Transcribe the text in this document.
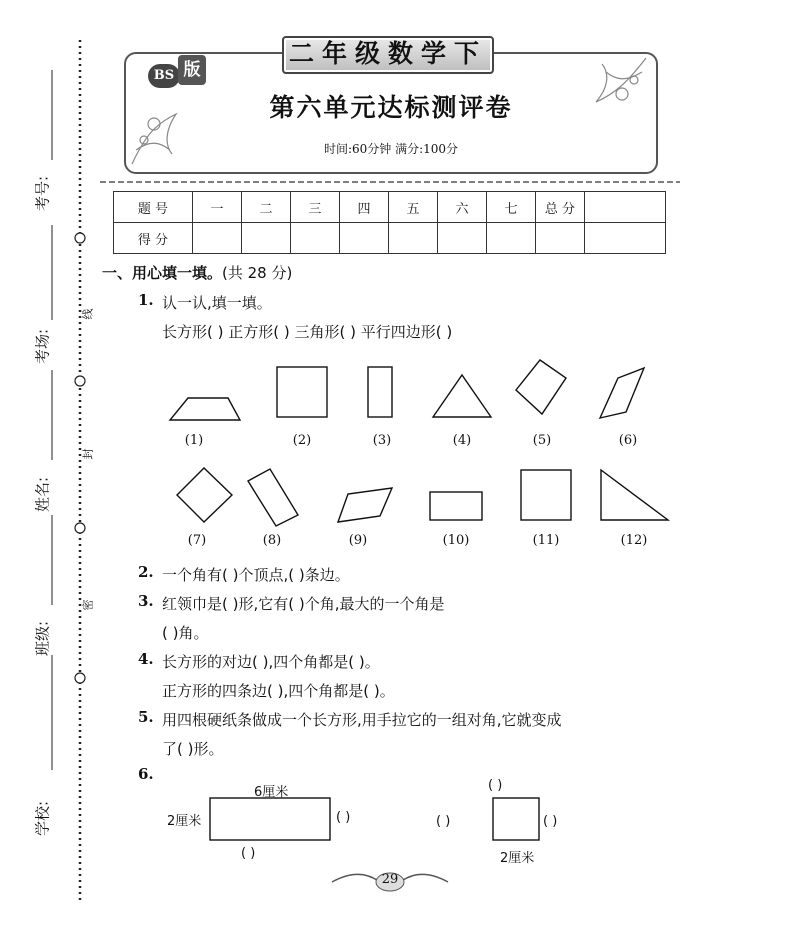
考号:
考场:
姓名:
班级:
学校:
线
封
密
二年级数学下
BS 版
第六单元达标测评卷
时间:60分钟 满分:100分
题 号	一	二	三	四	五	六	七	总 分	
得 分									
一、用心填一填。(共 28 分)
1. 认一认,填一填。
长方形( ) 正方形( ) 三角形( ) 平行四边形( )
(1)	(2)	(3)	(4)	(5)	(6)
(7)	(8)	(9)	(10)	(11)	(12)
2. 一个角有( )个顶点,( )条边。
3. 红领巾是( )形,它有( )个角,最大的一个角是
( )角。
4. 长方形的对边( ),四个角都是( )。
正方形的四条边( ),四个角都是( )。
5. 用四根硬纸条做成一个长方形,用手拉它的一组对角,它就变成
了( )形。
6.
6厘米
2厘米	( )
( )
( )
( )	( )
2厘米
29
